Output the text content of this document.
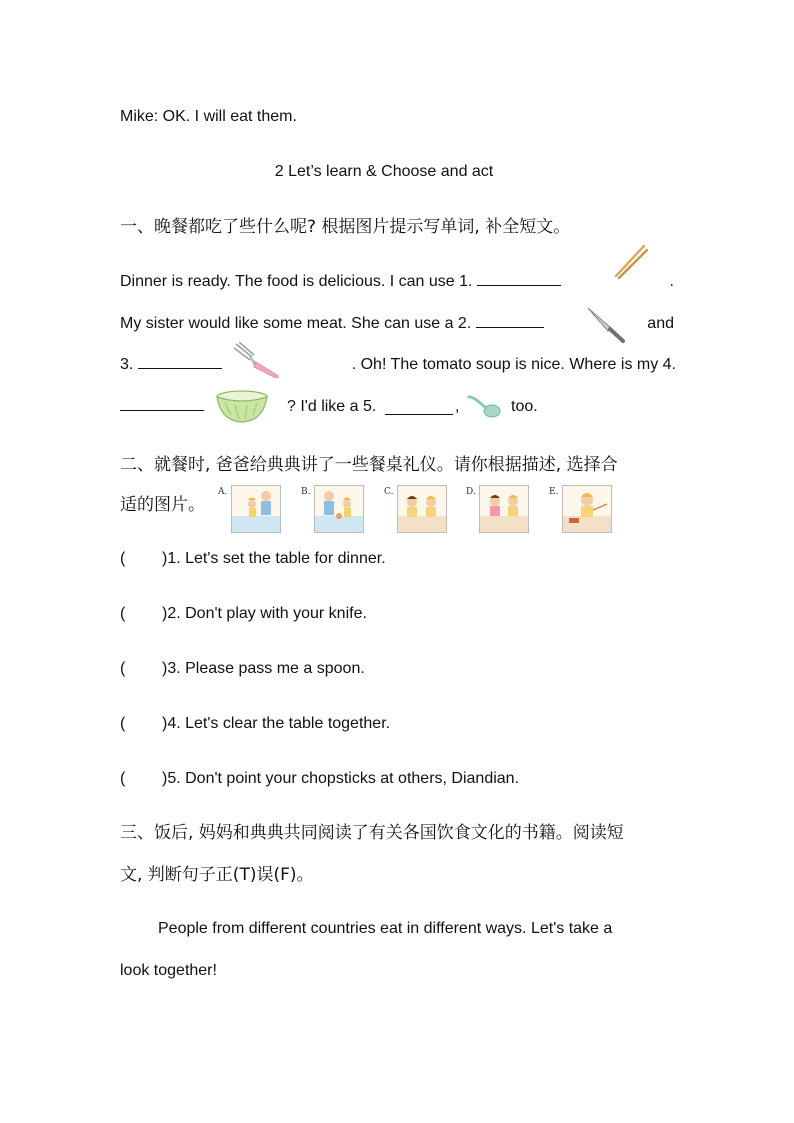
Mike: OK. I will eat them.
2 Let’s learn & Choose and act
一、晚餐都吃了些什么呢? 根据图片提示写单词, 补全短文。
Dinner is ready. The food is delicious. I can use 1.	.
My sister would like some meat. She can use a 2.	and
3.	. Oh! The tomato soup is nice. Where is my 4.
? I'd like a 5.	,	too.
二、就餐时, 爸爸给典典讲了一些餐桌礼仪。请你根据描述, 选择合
适的图片。
A.	B.	C.	D.	E.
( )1. Let's set the table for dinner.
( )2. Don't play with your knife.
( )3. Please pass me a spoon.
( )4. Let's clear the table together.
( )5. Don't point your chopsticks at others, Diandian.
三、饭后, 妈妈和典典共同阅读了有关各国饮食文化的书籍。阅读短
文, 判断句子正(T)误(F)。
People from different countries eat in different ways. Let's take a
look together!
